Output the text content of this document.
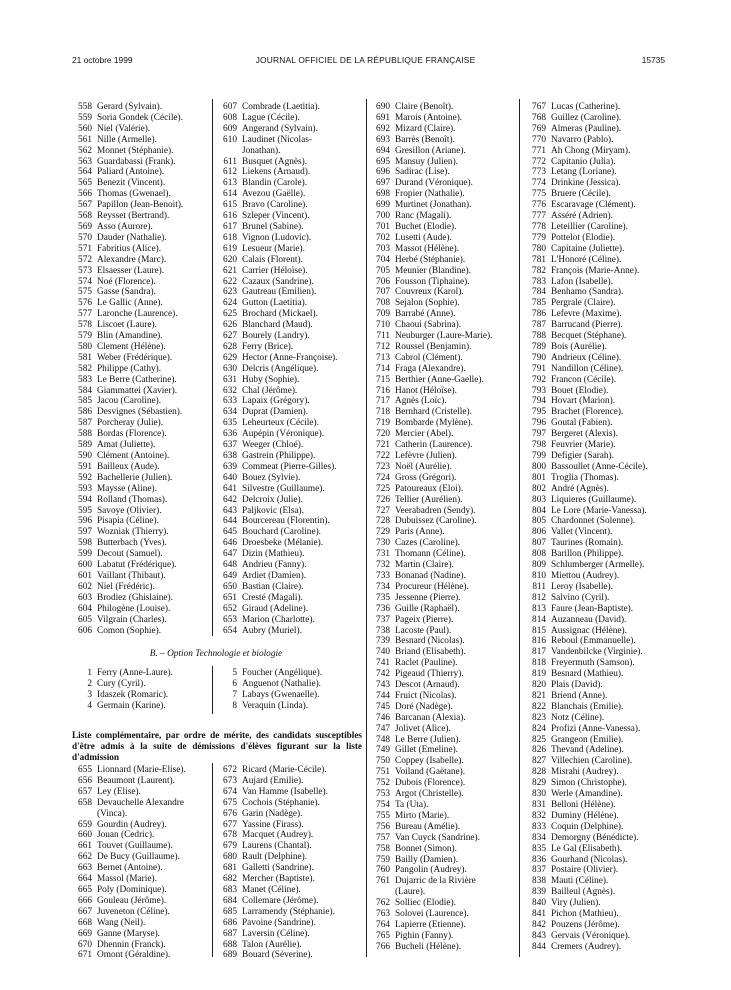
21 octobre 1999	JOURNAL OFFICIEL DE LA RÉPUBLIQUE FRANÇAISE	15735
558 Gerard (Sylvain).
559 Soria Gondek (Cécile).
560 Niel (Valérie).
561 Nille (Armelle).
562 Monnet (Stéphanie).
563 Guardabassi (Frank).
564 Paliard (Antoine).
565 Benezit (Vincent).
566 Thomas (Gwenael).
567 Papillon (Jean-Benoit).
568 Reysset (Bertrand).
569 Asso (Aurore).
570 Dauder (Nathalie).
571 Fabritius (Alice).
572 Alexandre (Marc).
573 Elsaesser (Laure).
574 Noé (Florence).
575 Gasse (Sandra).
576 Le Gallic (Anne).
577 Laronche (Laurence).
578 Liscoet (Laure).
579 Blin (Amandine).
580 Clement (Hélène).
581 Weber (Frédérique).
582 Philippe (Cathy).
583 Le Berre (Catherine).
584 Giammattei (Xavier).
585 Jacou (Caroline).
586 Desvignes (Sébastien).
587 Porcheray (Julie).
588 Bordas (Florence).
589 Amat (Juliette).
590 Clément (Antoine).
591 Bailleux (Aude).
592 Bachellerie (Julien).
593 Maysse (Aline).
594 Rolland (Thomas).
595 Savoye (Olivier).
596 Pisapia (Céline).
597 Wozniak (Thierry).
598 Butterbach (Yves).
599 Decout (Samuel).
600 Labatut (Frédérique).
601 Vaillant (Thibaut).
602 Niel (Frédéric).
603 Brodiez (Ghislaine).
604 Philogène (Louise).
605 Vilgrain (Charles).
606 Comon (Sophie).
607 Combrade (Laetitia).
608 Lague (Cécile).
609 Angerand (Sylvain).
610 Laudinet (Nicolas-
Jonathan).
611 Busquet (Agnès).
612 Liekens (Arnaud).
613 Blandin (Carole).
614 Avezou (Gaëlle).
615 Bravo (Caroline).
616 Szleper (Vincent).
617 Brunel (Sabine).
618 Vignon (Ludovic).
619 Lesueur (Marie).
620 Calais (Florent).
621 Carrier (Héloïse).
622 Cazaux (Sandrine).
623 Gautreau (Emilien).
624 Gutton (Laetitia).
625 Brochard (Mickael).
626 Blanchard (Maud).
627 Bourely (Landry).
628 Ferry (Brice).
629 Hector (Anne-Françoise).
630 Delcris (Angélique).
631 Huby (Sophie).
632 Chal (Jérôme).
633 Lapaix (Grégory).
634 Duprat (Damien).
635 Leheurteux (Cécile).
636 Aupépin (Véronique).
637 Weeger (Chloé).
638 Gastrein (Philippe).
639 Commeat (Pierre-Gilles).
640 Bouez (Sylvie).
641 Silvestre (Guillaume).
642 Delcroix (Julie).
643 Paljkovic (Elsa).
644 Bourcereau (Florentin).
645 Bouchard (Caroline).
646 Droesbeke (Mélanie).
647 Dizin (Mathieu).
648 Andrieu (Fanny).
649 Ardiet (Damien).
650 Bastian (Claire).
651 Cresté (Magali).
652 Giraud (Adeline).
653 Marion (Charlotte).
654 Aubry (Muriel).
B. – Option Technologie et biologie
1 Ferry (Anne-Laure).
2 Cury (Cyril).
3 Idaszek (Romaric).
4 Germain (Karine).
5 Foucher (Angélique).
6 Anguenot (Nathalie).
7 Labays (Gwenaelle).
8 Veraquin (Linda).
Liste complémentaire, par ordre de mérite, des candidats susceptibles d'être admis à la suite de démissions d'élèves figurant sur la liste d'admission
655 Lionnard (Marie-Elise).
656 Beaumont (Laurent).
657 Ley (Elise).
658 Devauchelle Alexandre
(Vinca).
659 Gourdin (Audrey).
660 Jouan (Cedric).
661 Touvet (Guillaume).
662 De Bucy (Guillaume).
663 Bernet (Antoine).
664 Massol (Marie).
665 Poly (Dominique).
666 Gouleau (Jérôme).
667 Juveneton (Céline).
668 Wang (Neil).
669 Ganne (Maryse).
670 Dhennin (Franck).
671 Omont (Géraldine).
672 Ricard (Marie-Cécile).
673 Aujard (Emilie).
674 Van Hamme (Isabelle).
675 Cochois (Stéphanie).
676 Garin (Nadège).
677 Yassine (Firass).
678 Macquet (Audrey).
679 Laurens (Chantal).
680 Rault (Delphine).
681 Galletti (Sandrine).
682 Mercher (Baptiste).
683 Manet (Céline).
684 Collemare (Jérôme).
685 Larramendy (Stéphanie).
686 Pavoine (Sandrine).
687 Laversin (Céline).
688 Talon (Aurélie).
689 Bouard (Séverine).
690 Claire (Benoît).
691 Marois (Antoine).
692 Mizard (Claire).
693 Barrès (Benoît).
694 Gresillon (Ariane).
695 Mansuy (Julien).
696 Sadirac (Lise).
697 Durand (Véronique).
698 Fropier (Nathalie).
699 Murtinet (Jonathan).
700 Ranc (Magali).
701 Buchet (Elodie).
702 Lusetti (Aude).
703 Massot (Hélène).
704 Herbé (Stéphanie).
705 Meunier (Blandine).
706 Fousson (Tiphaine).
707 Couvreux (Karol).
708 Sejalon (Sophie).
709 Barrabé (Anne).
710 Chaoui (Sabrina).
711 Neuburger (Laure-Marie).
712 Roussel (Benjamin).
713 Cabrol (Clément).
714 Fraga (Alexandre).
715 Berthier (Anne-Gaelle).
716 Hanot (Héloïse).
717 Agnès (Loïc).
718 Bernhard (Cristelle).
719 Bombarde (Mylène).
720 Mercier (Abel).
721 Catherin (Laurence).
722 Lefèvre (Julien).
723 Noël (Aurélie).
724 Gross (Grégori).
725 Patoureaux (Eloi).
726 Tellier (Aurélien).
727 Veerabadren (Sendy).
728 Dubuissez (Caroline).
729 Paris (Anne).
730 Cazes (Caroline).
731 Thomann (Céline).
732 Martin (Claire).
733 Bonanad (Nadine).
734 Procureur (Hélène).
735 Jessenne (Pierre).
736 Guille (Raphaël).
737 Pageix (Pierre).
738 Lacoste (Paul).
739 Besnard (Nicolas).
740 Briand (Elisabeth).
741 Raclet (Pauline).
742 Pigeaud (Thierry).
743 Descot (Arnaud).
744 Fruict (Nicolas).
745 Doré (Nadège).
746 Barcanan (Alexia).
747 Jolivet (Alice).
748 Le Berre (Julien).
749 Gillet (Emeline).
750 Coppey (Isabelle).
751 Voiland (Gaëtane).
752 Dubois (Florence).
753 Argot (Christelle).
754 Ta (Uta).
755 Mirto (Marie).
756 Bureau (Amélie).
757 Van Cuyck (Sandrine).
758 Bonnet (Simon).
759 Bailly (Damien).
760 Pangolin (Audrey).
761 Dujarric de la Rivière
(Laure).
762 Solliec (Elodie).
763 Solovei (Laurence).
764 Lapierre (Etienne).
765 Pighin (Fanny).
766 Bucheli (Hélène).
767 Lucas (Catherine).
768 Guillez (Caroline).
769 Almeras (Pauline).
770 Navarro (Pablo).
771 Ah Chong (Miryam).
772 Capitanio (Julia).
773 Letang (Loriane).
774 Drinkine (Jessica).
775 Bruere (Cécile).
776 Escaravage (Clément).
777 Asséré (Adrien).
778 Leteillier (Caroline).
779 Pottelot (Elodie).
780 Capitaine (Juliette).
781 L'Honoré (Céline).
782 François (Marie-Anne).
783 Lafon (Isabelle).
784 Benhamo (Sandra).
785 Pergrale (Claire).
786 Lefevre (Maxime).
787 Barrucand (Pierre).
788 Becquet (Stéphane).
789 Bois (Aurélie).
790 Andrieux (Céline).
791 Nandillon (Céline).
792 Francon (Cécile).
793 Bouet (Elodie).
794 Hovart (Marion).
795 Brachet (Florence).
796 Goutal (Fabien).
797 Bergeret (Alexis).
798 Feuvrier (Marie).
799 Defigier (Sarah).
800 Bassoullet (Anne-Cécile).
801 Troglia (Thomas).
802 André (Agnès).
803 Liquieres (Guillaume).
804 Le Lore (Marie-Vanessa).
805 Chardonnet (Solenne).
806 Vallet (Vincent).
807 Taurines (Romain).
808 Barillon (Philippe).
809 Schlumberger (Armelle).
810 Miettou (Audrey).
811 Leroy (Isabelle).
812 Salvino (Cyril).
813 Faure (Jean-Baptiste).
814 Auzanneau (David).
815 Aussignac (Hélène).
816 Reboul (Emmanuelle).
817 Vandenbilcke (Virginie).
818 Freyermuth (Samson).
819 Besnard (Mathieu).
820 Plais (David).
821 Briend (Anne).
822 Blanchais (Emilie).
823 Notz (Céline).
824 Profizi (Anne-Vanessa).
825 Grangeon (Emilie).
826 Thevand (Adeline).
827 Villechien (Caroline).
828 Misrahi (Audrey).
829 Simon (Christophe).
830 Werle (Amandine).
831 Belloni (Hélène).
832 Duminy (Hélène).
833 Coquin (Delphine).
834 Demorgny (Bénédicte).
835 Le Gal (Elisabeth).
836 Gourhand (Nicolas).
837 Postaire (Olivier).
838 Mauti (Céline).
839 Bailleul (Agnès).
840 Viry (Julien).
841 Pichon (Mathieu).
842 Pouzens (Jérôme).
843 Gervais (Véronique).
844 Cremers (Audrey).
